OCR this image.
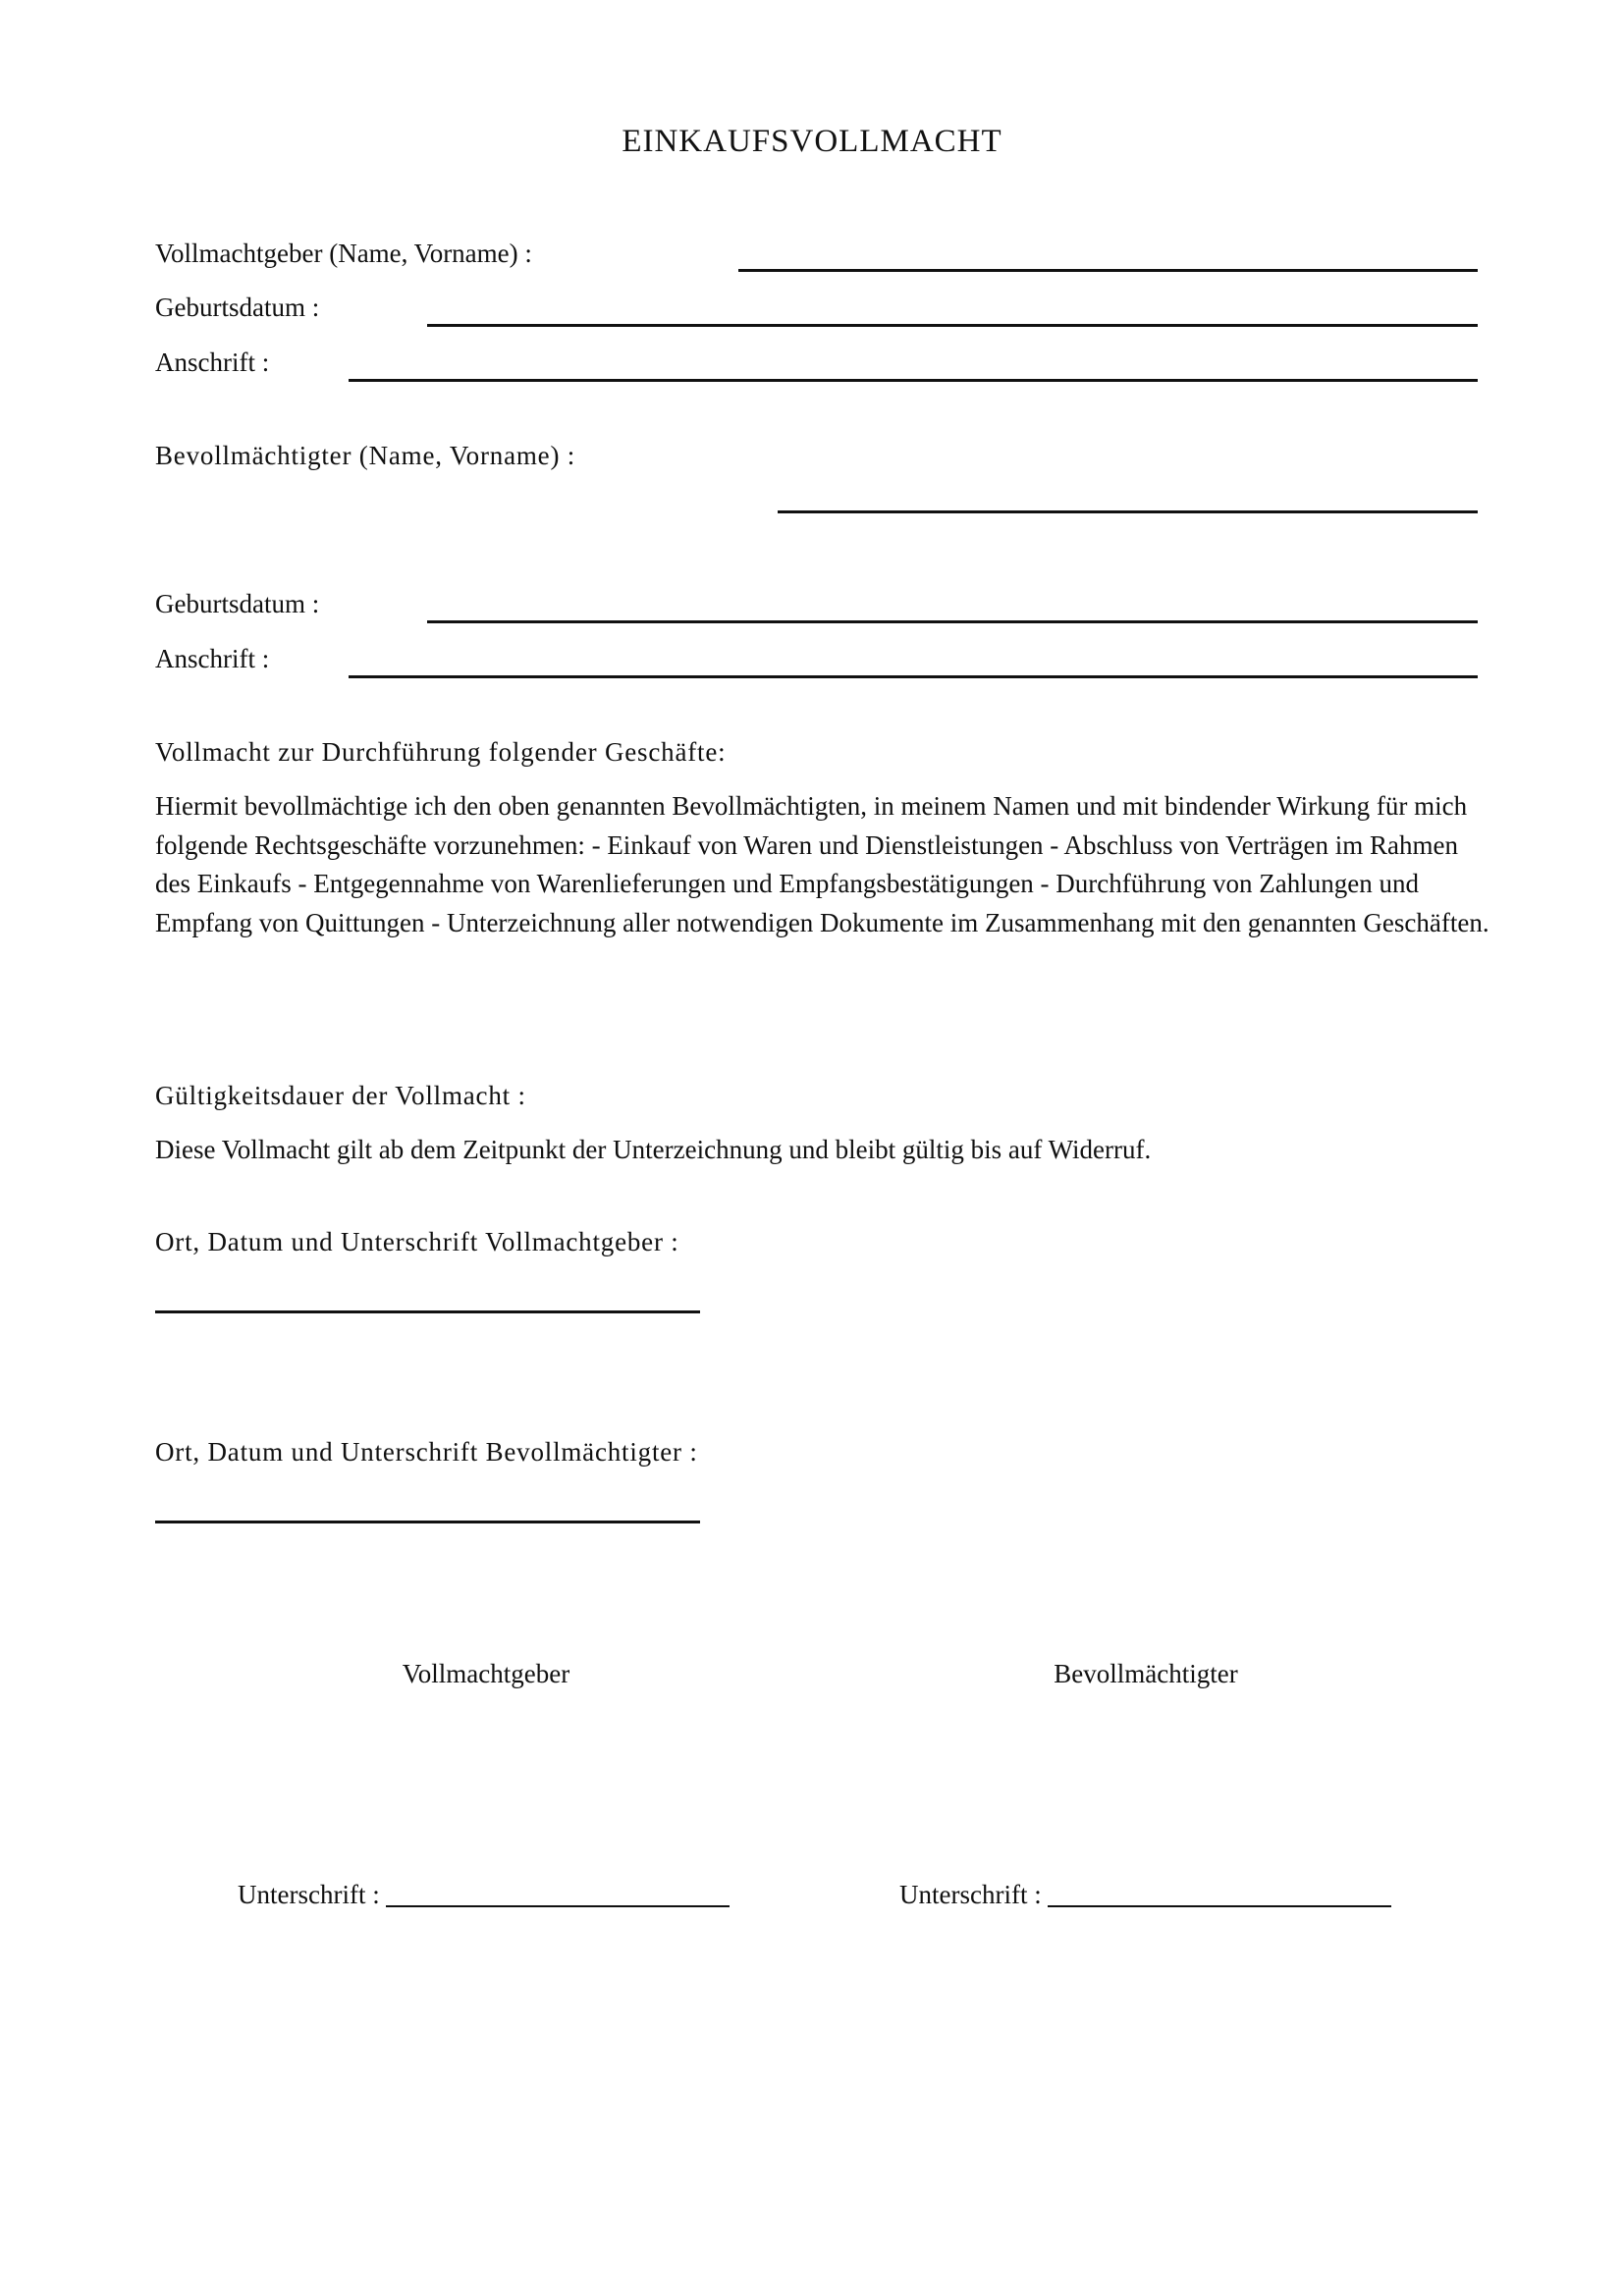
EINKAUFSVOLLMACHT
Vollmachtgeber (Name, Vorname) :
Geburtsdatum :
Anschrift :
Bevollmächtigter (Name, Vorname) :
Geburtsdatum :
Anschrift :
Vollmacht zur Durchführung folgender Geschäfte:
Hiermit bevollmächtige ich den oben genannten Bevollmächtigten, in meinem Namen und mit bindender Wirkung für mich folgende Rechtsgeschäfte vorzunehmen: - Einkauf von Waren und Dienstleistungen - Abschluss von Verträgen im Rahmen des Einkaufs - Entgegennahme von Warenlieferungen und Empfangsbestätigungen - Durchführung von Zahlungen und Empfang von Quittungen - Unterzeichnung aller notwendigen Dokumente im Zusammenhang mit den genannten Geschäften.
Gültigkeitsdauer der Vollmacht :
Diese Vollmacht gilt ab dem Zeitpunkt der Unterzeichnung und bleibt gültig bis auf Widerruf.
Ort, Datum und Unterschrift Vollmachtgeber :
Ort, Datum und Unterschrift Bevollmächtigter :
Vollmachtgeber	Bevollmächtigter
Unterschrift :	Unterschrift :
